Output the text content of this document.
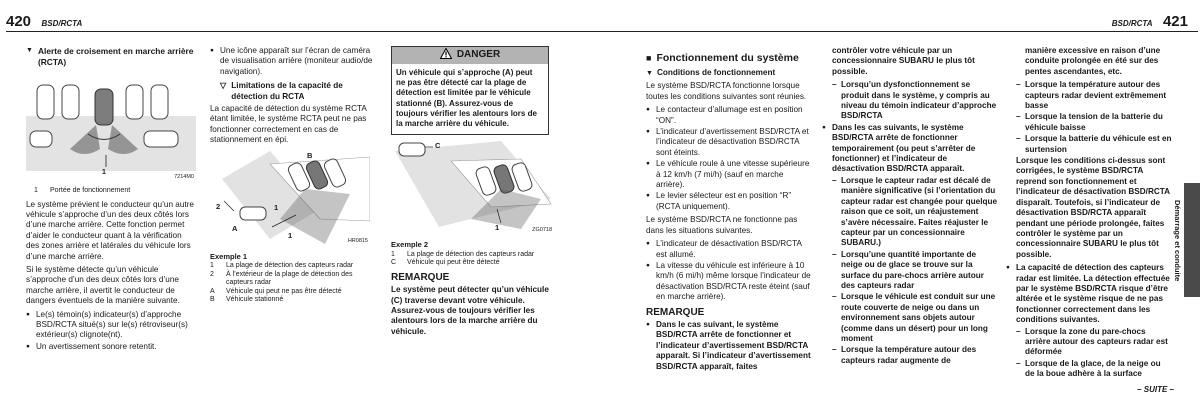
420 BSD/RCTA
▼ Alerte de croisement en marche arrière (RCTA)
1
7214M0
1	Portée de fonctionnement

Le système prévient le conducteur qu’un autre véhicule s’approche d’un des deux côtés lors d’une marche arrière. Cette fonction permet d’aider le conducteur quant à la vérification des zones arrière et latérales du véhicule lors d’une marche arrière.

Si le système détecte qu’un véhicule s’approche d’un des deux côtés lors d’une marche arrière, il avertit le conducteur de dangers éventuels de la manière suivante.

● Le(s) témoin(s) indicateur(s) d’approche BSD/RCTA situé(s) sur le(s) rétroviseur(s) extérieur(s) clignote(nt).
● Un avertissement sonore retentit.
● Une icône apparaît sur l’écran de caméra de visualisation arrière (moniteur audio/de navigation).
▽ Limitations de la capacité de détection du RCTA

La capacité de détection du système RCTA étant limitée, le système RCTA peut ne pas fonctionner correctement en cas de stationnement en épi.

B
2	1
A
1
HR0815
Exemple 1
1	La plage de détection des capteurs radar
2	À l’extérieur de la plage de détection des capteurs radar
A	Véhicule qui peut ne pas être détecté
B	Véhicule stationné
DANGER
Un véhicule qui s’approche (A) peut ne pas être détecté car la plage de détection est limitée par le véhicule stationné (B). Assurez-vous de toujours vérifier les alentours lors de la marche arrière du véhicule.
C
1	ZG0718
Exemple 2
1	La plage de détection des capteurs radar
C	Véhicule qui peut être détecté
REMARQUE

Le système peut détecter qu’un véhicule (C) traverse devant votre véhicule. Assurez-vous de toujours vérifier les alentours lors de la marche arrière du véhicule.

BSD/RCTA 421
■ Fonctionnement du système
▼ Conditions de fonctionnement

Le système BSD/RCTA fonctionne lorsque toutes les conditions suivantes sont réunies.

● Le contacteur d’allumage est en position “ON”.
● L’indicateur d’avertissement BSD/RCTA et l’indicateur de désactivation BSD/RCTA sont éteints.
● Le véhicule roule à une vitesse supérieure à 12 km/h (7 mi/h) (sauf en marche arrière).
● Le levier sélecteur est en position “R” (RCTA uniquement).

Le système BSD/RCTA ne fonctionne pas dans les situations suivantes.

● L’indicateur de désactivation BSD/RCTA est allumé.
● La vitesse du véhicule est inférieure à 10 km/h (6 mi/h) même lorsque l’indicateur de désactivation BSD/RCTA reste éteint (sauf en marche arrière).
REMARQUE
● Dans le cas suivant, le système BSD/RCTA arrête de fonctionner et l’indicateur d’avertissement BSD/RCTA apparaît. Si l’indicateur d’avertissement BSD/RCTA apparaît, faites

contrôler votre véhicule par un concessionnaire SUBARU le plus tôt possible.

– Lorsqu’un dysfonctionnement se produit dans le système, y compris au niveau du témoin indicateur d’approche BSD/RCTA
● Dans les cas suivants, le système BSD/RCTA arrête de fonctionner temporairement (ou peut s’arrêter de fonctionner) et l’indicateur de désactivation BSD/RCTA apparaît.
– Lorsque le capteur radar est décalé de manière significative (si l’orientation du capteur radar est changée pour quelque raison que ce soit, un réajustement s’avère nécessaire. Faites réajuster le capteur par un concessionnaire SUBARU.)
– Lorsqu’une quantité importante de neige ou de glace se trouve sur la surface du pare-chocs arrière autour des capteurs radar
– Lorsque le véhicule est conduit sur une route couverte de neige ou dans un environnement sans objets autour (comme dans un désert) pour un long moment
– Lorsque la température autour des capteurs radar augmente de

manière excessive en raison d’une conduite prolongée en été sur des pentes ascendantes, etc.

– Lorsque la température autour des capteurs radar devient extrêmement basse
– Lorsque la tension de la batterie du véhicule baisse
– Lorsque la batterie du véhicule est en surtension

Lorsque les conditions ci-dessus sont corrigées, le système BSD/RCTA reprend son fonctionnement et l’indicateur de désactivation BSD/RCTA disparaît. Toutefois, si l’indicateur de désactivation BSD/RCTA apparaît pendant une période prolongée, faites contrôler le système par un concessionnaire SUBARU le plus tôt possible.

● La capacité de détection des capteurs radar est limitée. La détection effectuée par le système BSD/RCTA risque d’être altérée et le système risque de ne pas fonctionner correctement dans les conditions suivantes.
– Lorsque la zone du pare-chocs arrière autour des capteurs radar est déformée
– Lorsque de la glace, de la neige ou de la boue adhère à la surface
Démarrage et conduite
– SUITE –
